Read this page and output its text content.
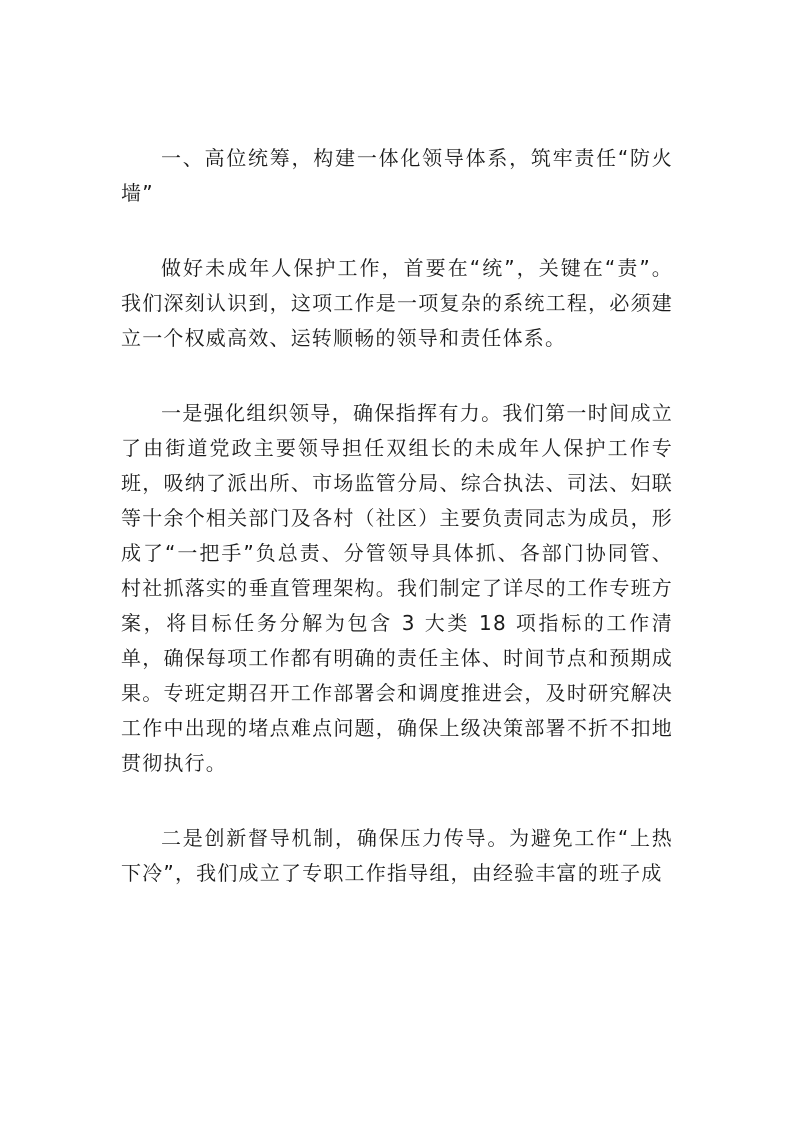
一、高位统筹，构建一体化领导体系，筑牢责任“防火墙”

做好未成年人保护工作，首要在“统”，关键在“责”。我们深刻认识到，这项工作是一项复杂的系统工程，必须建立一个权威高效、运转顺畅的领导和责任体系。

一是强化组织领导，确保指挥有力。我们第一时间成立了由街道党政主要领导担任双组长的未成年人保护工作专班，吸纳了派出所、市场监管分局、综合执法、司法、妇联等十余个相关部门及各村（社区）主要负责同志为成员，形成了“一把手”负总责、分管领导具体抓、各部门协同管、村社抓落实的垂直管理架构。我们制定了详尽的工作专班方案，将目标任务分解为包含 3 大类 18 项指标的工作清单，确保每项工作都有明确的责任主体、时间节点和预期成果。专班定期召开工作部署会和调度推进会，及时研究解决工作中出现的堵点难点问题，确保上级决策部署不折不扣地贯彻执行。

二是创新督导机制，确保压力传导。为避免工作“上热下冷”，我们成立了专职工作指导组，由经验丰富的班子成
